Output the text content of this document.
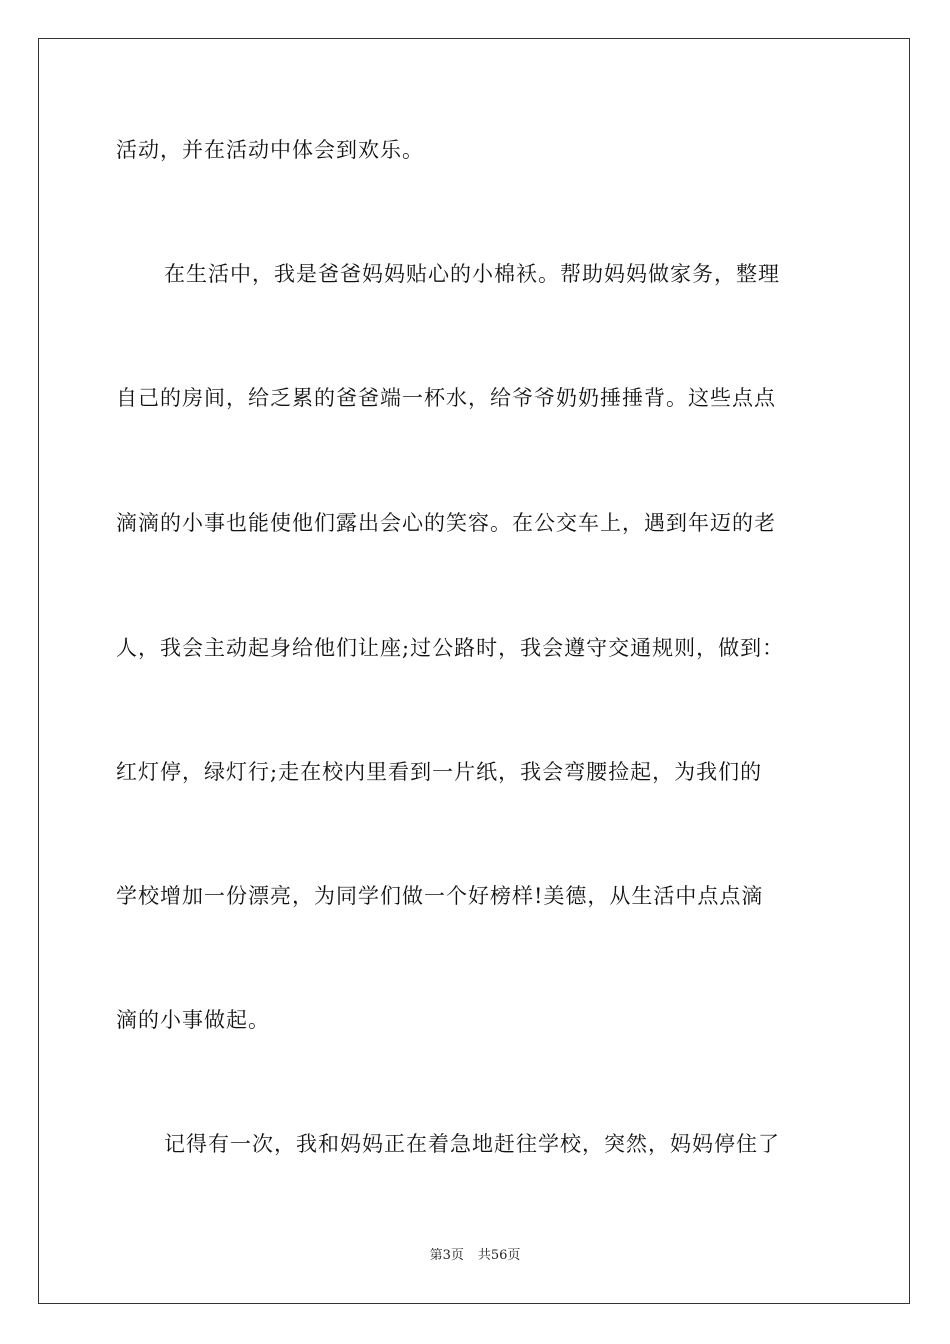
活动，并在活动中体会到欢乐。
在生活中，我是爸爸妈妈贴心的小棉袄。帮助妈妈做家务，整理
自己的房间，给乏累的爸爸端一杯水，给爷爷奶奶捶捶背。这些点点
滴滴的小事也能使他们露出会心的笑容。在公交车上，遇到年迈的老
人，我会主动起身给他们让座;过公路时，我会遵守交通规则，做到：
红灯停，绿灯行;走在校内里看到一片纸，我会弯腰捡起，为我们的
学校增加一份漂亮，为同学们做一个好榜样!美德，从生活中点点滴
滴的小事做起。
记得有一次，我和妈妈正在着急地赶往学校，突然，妈妈停住了
第3页 共56页
